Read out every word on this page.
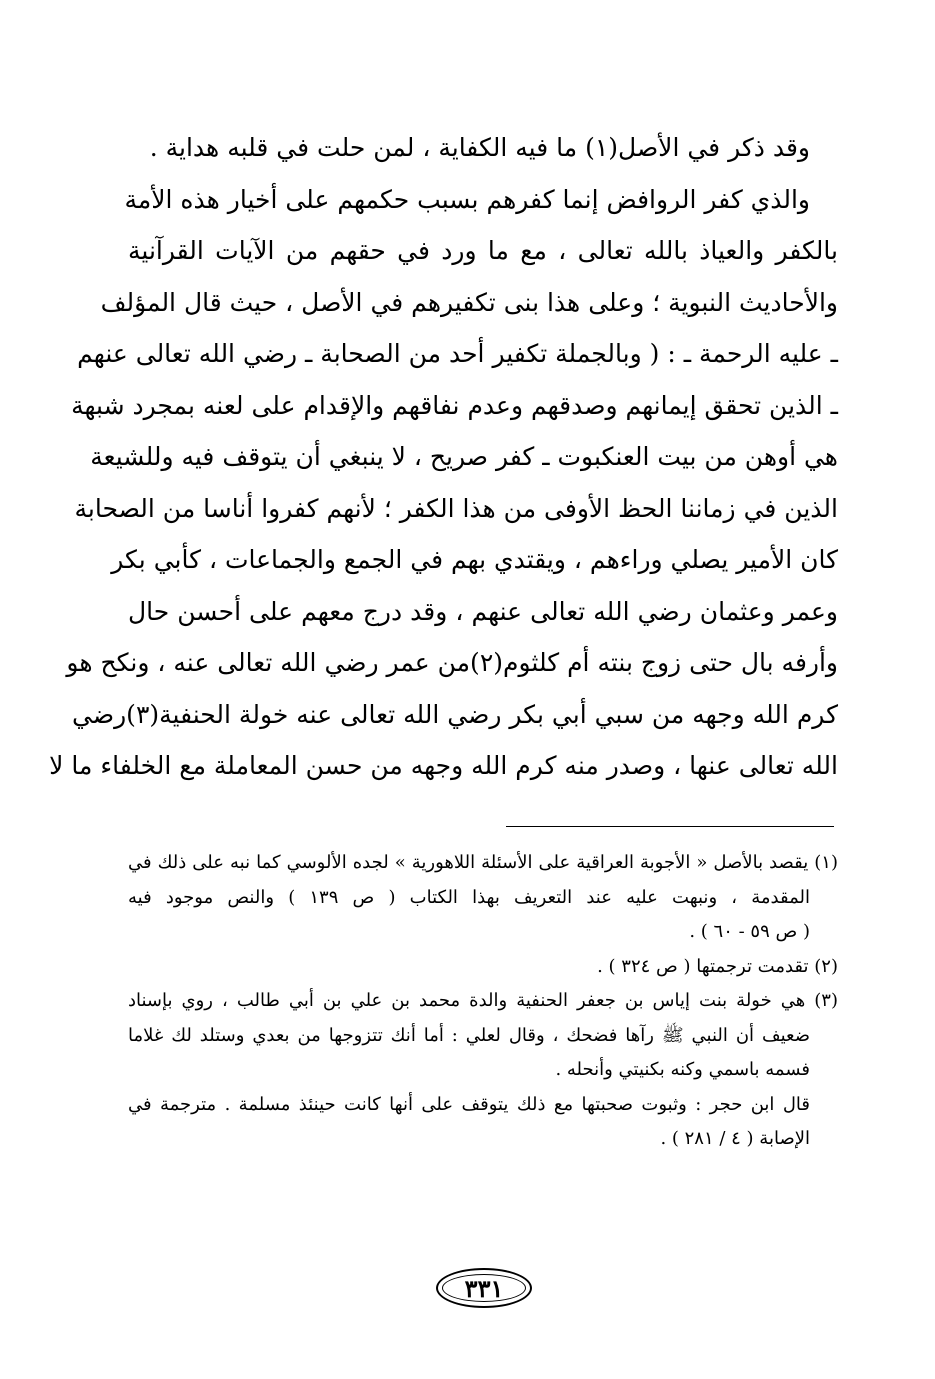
وقد ذكر في الأصل(١) ما فيه الكفاية ، لمن حلت في قلبه هداية .
والذي كفر الروافض إنما كفرهم بسبب حكمهم على أخيار هذه الأمة
بالكفر والعياذ بالله تعالى ، مع ما ورد في حقهم من الآيات القرآنية
والأحاديث النبوية ؛ وعلى هذا بنى تكفيرهم في الأصل ، حيث قال المؤلف
ـ عليه الرحمة ـ : ( وبالجملة تكفير أحد من الصحابة ـ رضي الله تعالى عنهم
ـ الذين تحقق إيمانهم وصدقهم وعدم نفاقهم والإقدام على لعنه بمجرد شبهة
هي أوهن من بيت العنكبوت ـ كفر صريح ، لا ينبغي أن يتوقف فيه وللشيعة
الذين في زماننا الحظ الأوفى من هذا الكفر ؛ لأنهم كفروا أناسا من الصحابة
كان الأمير يصلي وراءهم ، ويقتدي بهم في الجمع والجماعات ، كأبي بكر
وعمر وعثمان رضي الله تعالى عنهم ، وقد درج معهم على أحسن حال
وأرفه بال حتى زوج بنته أم كلثوم(٢)من عمر رضي الله تعالى عنه ، ونكح هو
كرم الله وجهه من سبي أبي بكر رضي الله تعالى عنه خولة الحنفية(٣)رضي
الله تعالى عنها ، وصدر منه كرم الله وجهه من حسن المعاملة مع الخلفاء ما لا
(١) يقصد بالأصل « الأجوبة العراقية على الأسئلة اللاهورية » لجده الألوسي كما نبه على ذلك في
المقدمة ، ونبهت عليه عند التعريف بهذا الكتاب ( ص ١٣٩ ) والنص موجود فيه
( ص ٥٩ - ٦٠ ) .
(٢) تقدمت ترجمتها ( ص ٣٢٤ ) .
(٣) هي خولة بنت إياس بن جعفر الحنفية والدة محمد بن علي بن أبي طالب ، روي بإسناد
ضعيف أن النبي ﷺ رآها فضحك ، وقال لعلي : أما أنك تتزوجها من بعدي وستلد لك غلاما
فسمه باسمي وكنه بكنيتي وأنحله .
قال ابن حجر : وثبوت صحبتها مع ذلك يتوقف على أنها كانت حينئذ مسلمة . مترجمة في
الإصابة ( ٤ / ٢٨١ ) .
٣٣١
